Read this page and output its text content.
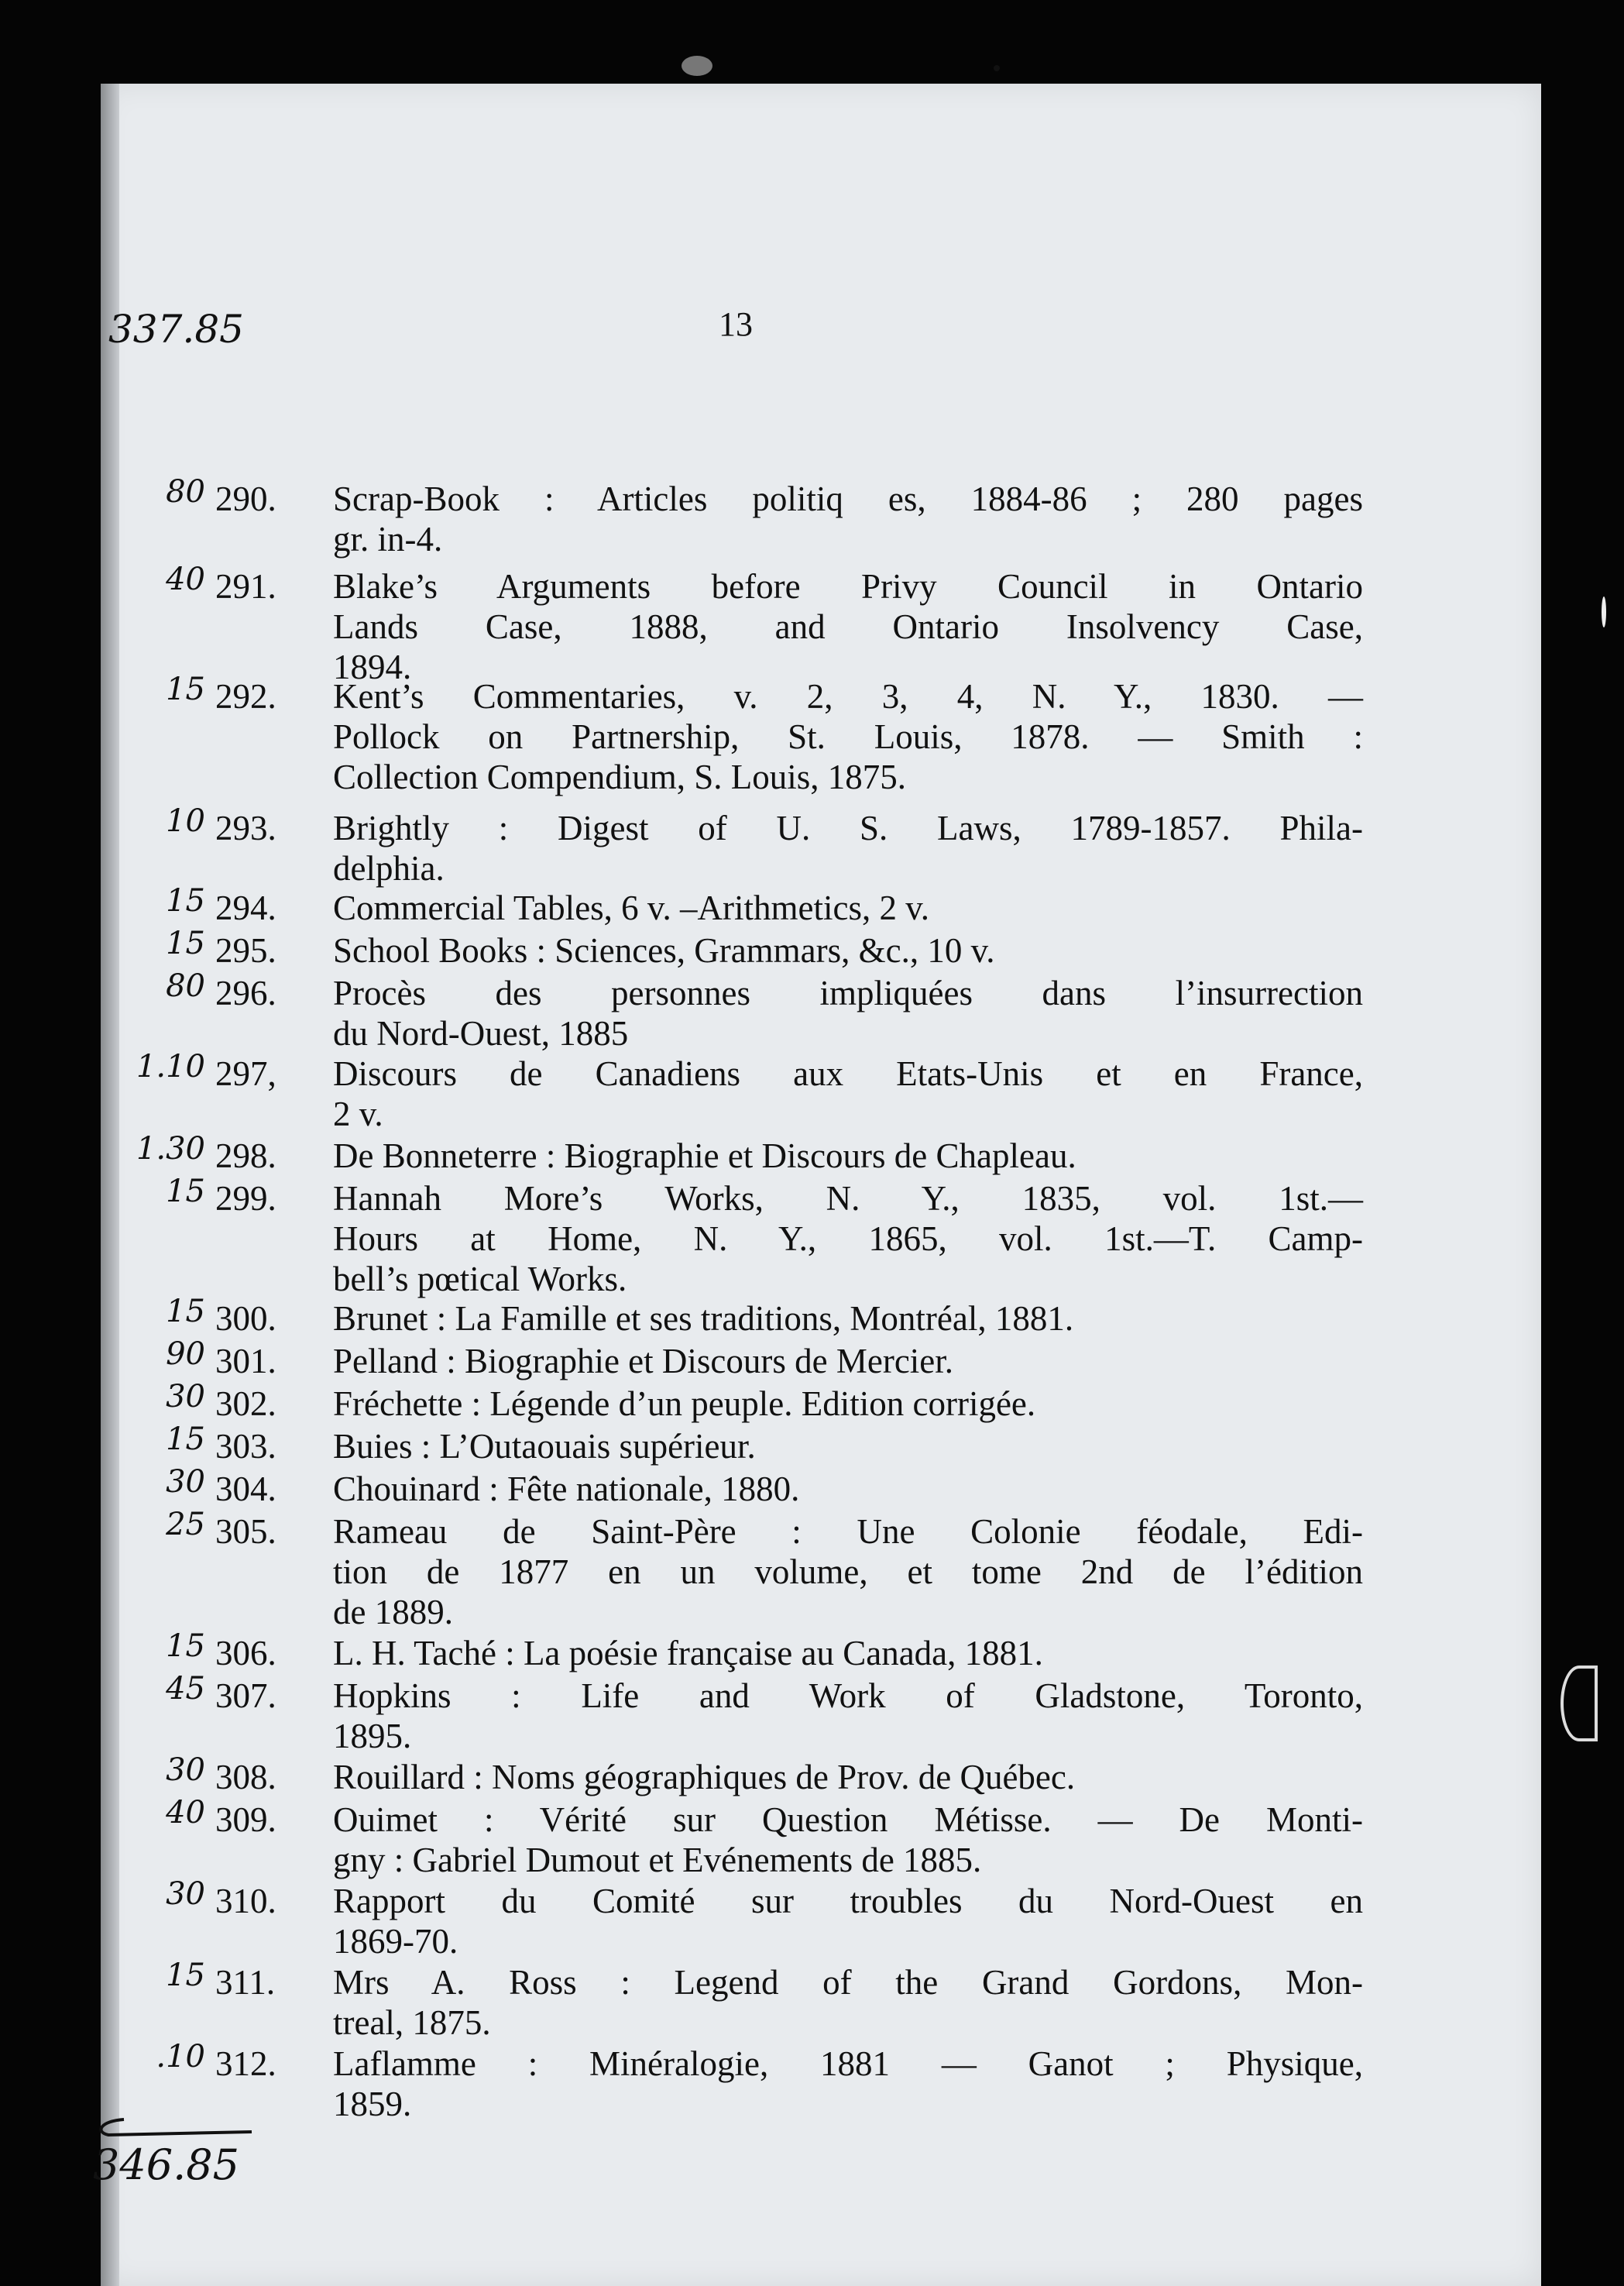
337.85	13
80 290. Scrap-Book : Articles politiq es, 1884-86 ; 280 pages
gr. in-4.
40 291. Blake’s Arguments before Privy Council in Ontario
Lands Case, 1888, and Ontario Insolvency Case,
1894.
15 292. Kent’s Commentaries, v. 2, 3, 4, N. Y., 1830. —
Pollock on Partnership, St. Louis, 1878. — Smith :
Collection Compendium, S. Louis, 1875.
10 293. Brightly : Digest of U. S. Laws, 1789-1857. Phila-
delphia.
15 294. Commercial Tables, 6 v. –Arithmetics, 2 v.
15 295. School Books : Sciences, Grammars, &c., 10 v.
80 296. Procès des personnes impliquées dans l’insurrection
du Nord-Ouest, 1885
1.10 297, Discours de Canadiens aux Etats-Unis et en France,
2 v.
1.30 298. De Bonneterre : Biographie et Discours de Chapleau.
15 299. Hannah More’s Works, N. Y., 1835, vol. 1st.—
Hours at Home, N. Y., 1865, vol. 1st.—T. Camp-
bell’s pœtical Works.
15 300. Brunet : La Famille et ses traditions, Montréal, 1881.
90 301. Pelland : Biographie et Discours de Mercier.
30 302. Fréchette : Légende d’un peuple. Edition corrigée.
15 303. Buies : L’Outaouais supérieur.
30 304. Chouinard : Fête nationale, 1880.
25 305. Rameau de Saint-Père : Une Colonie féodale, Edi-
tion de 1877 en un volume, et tome 2nd de l’édition
de 1889.
15 306. L. H. Taché : La poésie française au Canada, 1881.
45 307. Hopkins : Life and Work of Gladstone, Toronto,
1895.
30 308. Rouillard : Noms géographiques de Prov. de Québec.
40 309. Ouimet : Vérité sur Question Métisse. — De Monti-
gny : Gabriel Dumout et Evénements de 1885.
30 310. Rapport du Comité sur troubles du Nord-Ouest en
1869-70.
15 311. Mrs A. Ross : Legend of the Grand Gordons, Mon-
treal, 1875.
.10 312. Laflamme : Minéralogie, 1881 — Ganot ; Physique,
1859.
346.85
